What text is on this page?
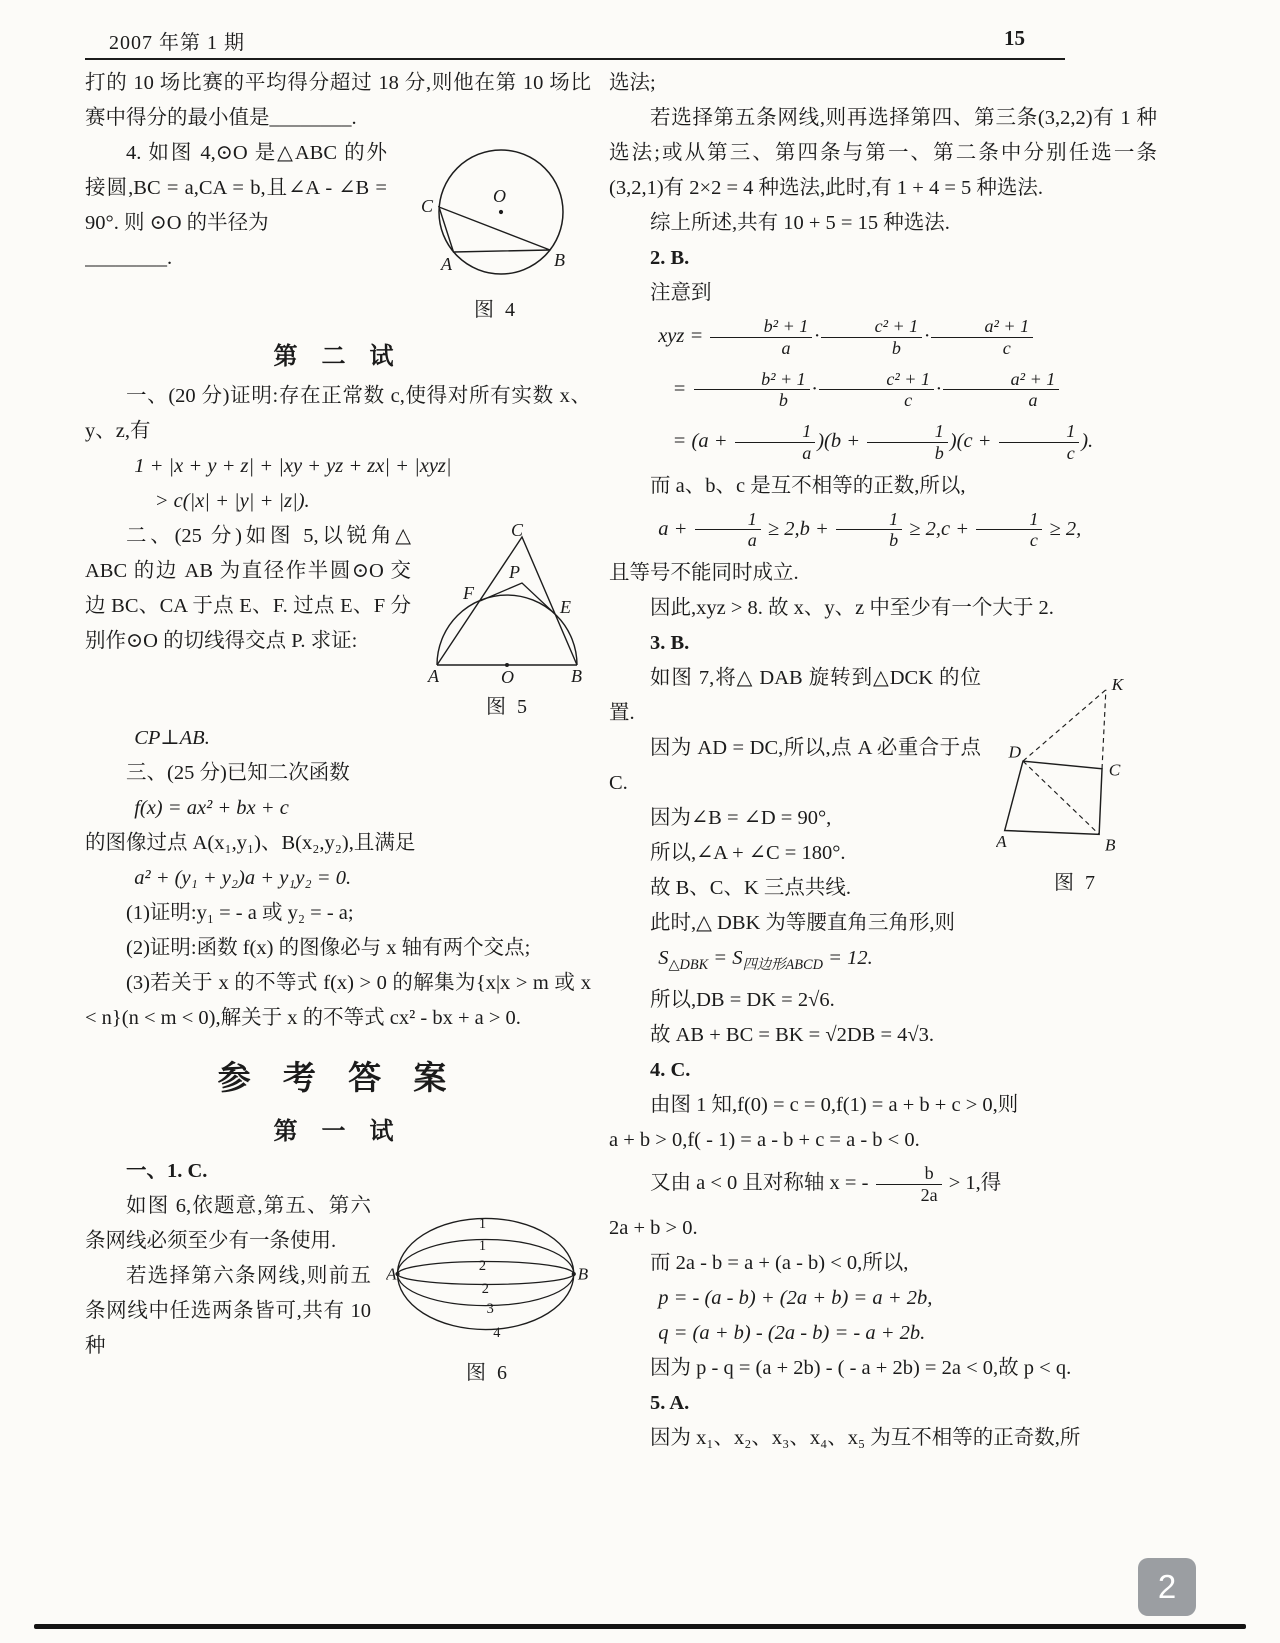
2007 年第 1 期	15

打的 10 场比赛的平均得分超过 18 分,则他在第 10 场比赛中得分的最小值是________.

C	O
A	B
图 4

4. 如图 4,⊙O 是△ABC 的外接圆,BC = a,CA = b,且∠A - ∠B = 90°. 则 ⊙O 的半径为

________.

第 二 试

一、(20 分)证明:存在正常数 c,使得对所有实数 x、y、z,有

1 + |x + y + z| + |xy + yz + zx| + |xyz|

> c(|x| + |y| + |z|).

C
F
P
E
A	O	B
图 5

二、(25 分)如图 5,以锐角△ ABC 的边 AB 为直径作半圆⊙O 交边 BC、CA 于点 E、F. 过点 E、F 分别作⊙O 的切线得交点 P. 求证:

CP⊥AB.

三、(25 分)已知二次函数

f(x) = ax² + bx + c

的图像过点 A(x₁,y₁)、B(x₂,y₂),且满足

a² + (y₁ + y₂)a + y₁y₂ = 0.

(1)证明:y₁ = - a 或 y₂ = - a;

(2)证明:函数 f(x) 的图像必与 x 轴有两个交点;

(3)若关于 x 的不等式 f(x) > 0 的解集为{x|x > m 或 x < n}(n < m < 0),解关于 x 的不等式 cx² - bx + a > 0.

参 考 答 案
第 一 试

一、1. C.

A	B
1
1
2
2
3
4
图 6

如图 6,依题意,第五、第六条网线必须至少有一条使用.

若选择第六条网线,则前五条网线中任选两条皆可,共有 10 种

选法;

若选择第五条网线,则再选择第四、第三条(3,2,2)有 1 种选法;或从第三、第四条与第一、第二条中分别任选一条(3,2,1)有 2×2 = 4 种选法,此时,有 1 + 4 = 5 种选法.

综上所述,共有 10 + 5 = 15 种选法.

2. B.

注意到

xyz = $\frac{\text{b² + 1}}{a} \cdot \frac{\text{c² + 1}}{b} \cdot \frac{\text{a² + 1}}{c}$

= $\frac{\text{b² + 1}}{b} \cdot \frac{\text{c² + 1}}{c} \cdot \frac{\text{a² + 1}}{a}$

= $(a + \frac{1}{a} )(b + \frac{1}{b} )(c + \frac{1}{c}$ ).

而 a、b、c 是互不相等的正数,所以,

$a + \frac{1}{a} \ge 2,b + \frac{1}{b} \ge 2,c + \frac{1}{c} \ge 2$,

且等号不能同时成立.

因此,xyz > 8. 故 x、y、z 中至少有一个大于 2.

3. B.

K
D
C
A	B
图 7

如图 7,将△ DAB 旋转到△DCK 的位置.

因为 AD = DC,所以,点 A 必重合于点 C.

因为∠B = ∠D = 90°,

所以,∠A + ∠C = 180°.

故 B、C、K 三点共线.

此时,△ DBK 为等腰直角三角形,则

$S_{\triangle DBK} = S_{四边形ABCD} = 12$.

所以,DB = DK = 2√6.

故 AB + BC = BK = √2DB = 4√3.

4. C.

由图 1 知,f(0) = c = 0,f(1) = a + b + c > 0,则

a + b > 0,f( - 1) = a - b + c = a - b < 0.

又由 a < 0 且对称轴 x = - $\frac{b}{2a} > 1$,得

2a + b > 0.

而 2a - b = a + (a - b) < 0,所以,

p = - (a - b) + (2a + b) = a + 2b,

q = (a + b) - (2a - b) = - a + 2b.

因为 p - q = (a + 2b) - ( - a + 2b) = 2a < 0,故 p < q.

5. A.

因为 x₁、x₂、x₃、x₄、x₅ 为互不相等的正奇数,所

2
